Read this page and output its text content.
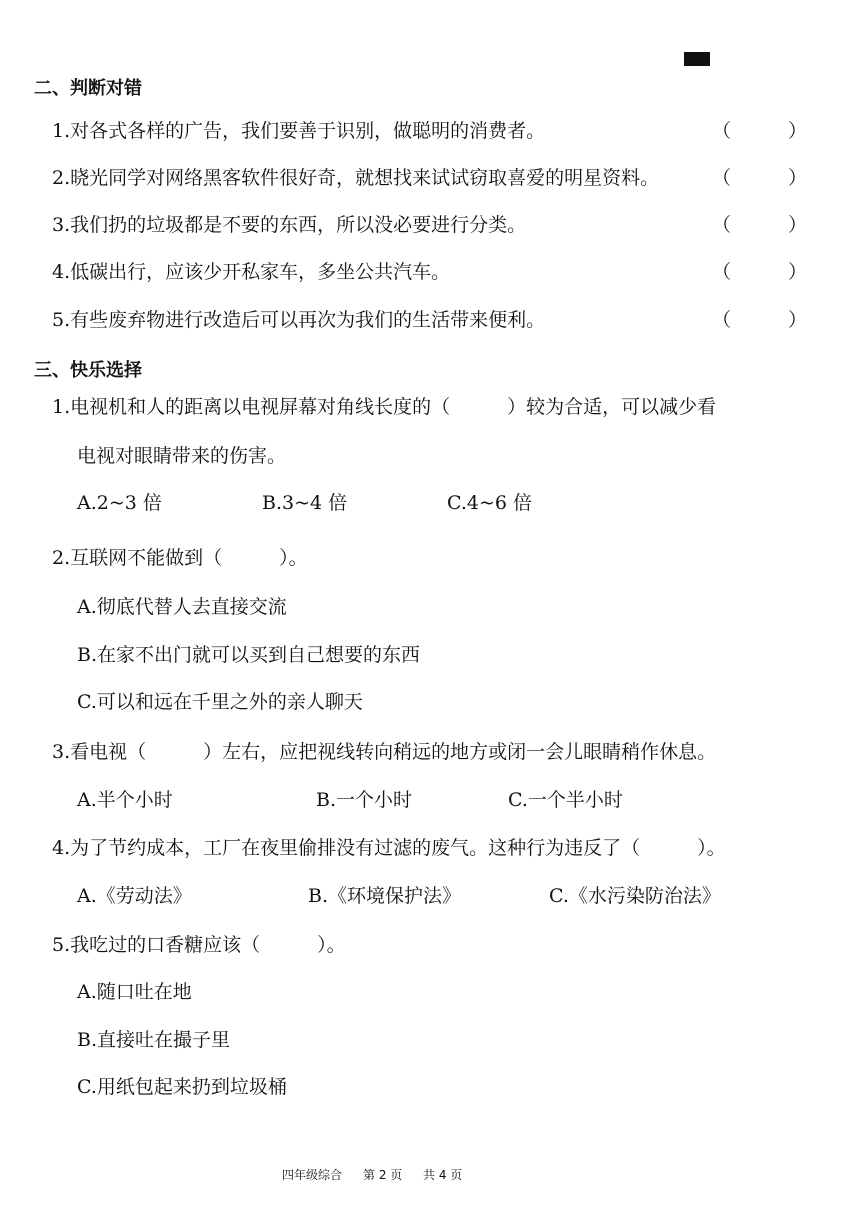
二、判断对错
1.对各式各样的广告，我们要善于识别，做聪明的消费者。	（　　　）
2.晓光同学对网络黑客软件很好奇，就想找来试试窃取喜爱的明星资料。	（　　　）
3.我们扔的垃圾都是不要的东西，所以没必要进行分类。	（　　　）
4.低碳出行，应该少开私家车，多坐公共汽车。	（　　　）
5.有些废弃物进行改造后可以再次为我们的生活带来便利。	（　　　）
三、快乐选择
1.电视机和人的距离以电视屏幕对角线长度的（　　　）较为合适，可以减少看
电视对眼睛带来的伤害。
A.2~3 倍	B.3~4 倍	C.4~6 倍
2.互联网不能做到（　　　）。
A.彻底代替人去直接交流
B.在家不出门就可以买到自己想要的东西
C.可以和远在千里之外的亲人聊天
3.看电视（　　　）左右，应把视线转向稍远的地方或闭一会儿眼睛稍作休息。
A.半个小时	B.一个小时	C.一个半小时
4.为了节约成本，工厂在夜里偷排没有过滤的废气。这种行为违反了（　　　）。
A.《劳动法》	B.《环境保护法》	C.《水污染防治法》
5.我吃过的口香糖应该（　　　）。
A.随口吐在地
B.直接吐在撮子里
C.用纸包起来扔到垃圾桶
四年级综合 第 2 页 共 4 页
